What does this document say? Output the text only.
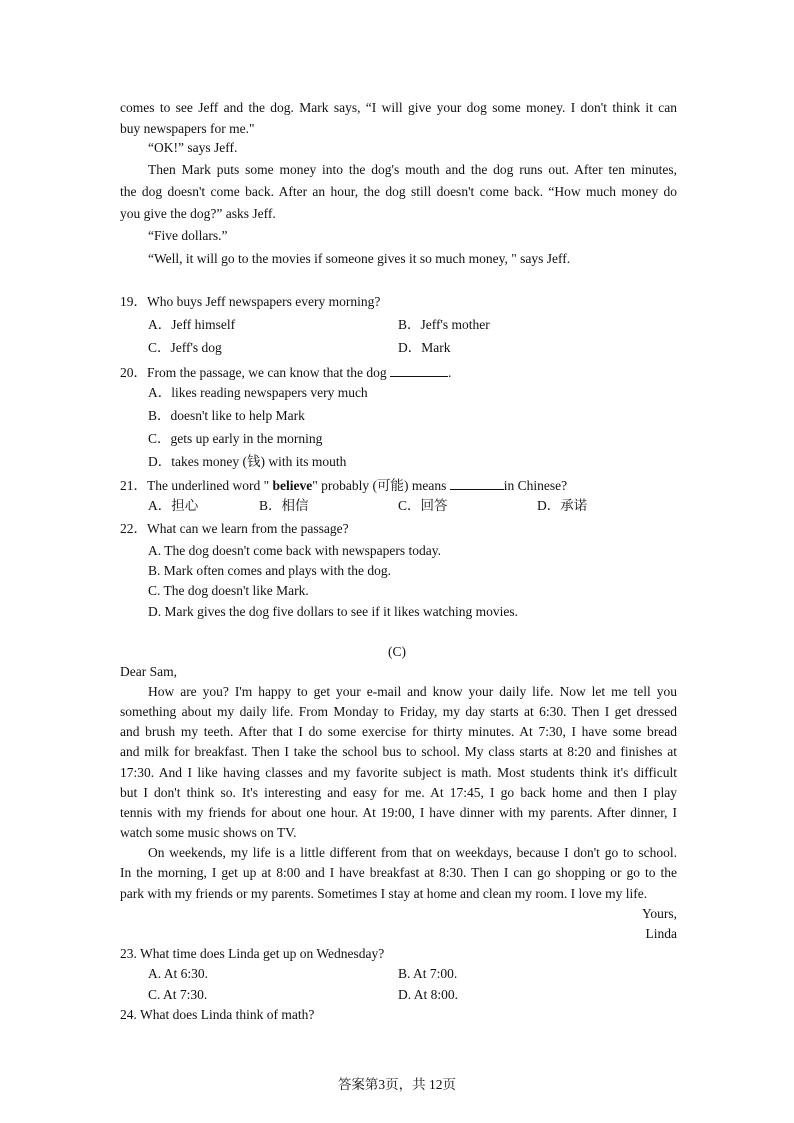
comes to see Jeff and the dog. Mark says, “I will give your dog some money. I don't think it can
buy newspapers for me."
“OK!” says Jeff.
Then Mark puts some money into the dog's mouth and the dog runs out. After ten minutes,
the dog doesn't come back. After an hour, the dog still doesn't come back. “How much money do
you give the dog?” asks Jeff.
“Five dollars.”
“Well, it will go to the movies if someone gives it so much money, " says Jeff.
19．Who buys Jeff newspapers every morning?
A．Jeff himself	B．Jeff's mother
C．Jeff's dog	D．Mark
20．From the passage, we can know that the dog	.
A．likes reading newspapers very much
B．doesn't like to help Mark
C．gets up early in the morning
D．takes money (钱) with its mouth
21．The underlined word " believe" probably (可能) means	in Chinese?
A．担心	B．相信	C．回答	D．承诺
22．What can we learn from the passage?
A. The dog doesn't come back with newspapers today.
B. Mark often comes and plays with the dog.
C. The dog doesn't like Mark.
D. Mark gives the dog five dollars to see if it likes watching movies.
(C)
Dear Sam,
How are you? I'm happy to get your e-mail and know your daily life. Now let me tell you
something about my daily life. From Monday to Friday, my day starts at 6:30. Then I get dressed
and brush my teeth. After that I do some exercise for thirty minutes. At 7:30, I have some bread
and milk for breakfast. Then I take the school bus to school. My class starts at 8:20 and finishes at
17:30. And I like having classes and my favorite subject is math. Most students think it's difficult
but I don't think so. It's interesting and easy for me. At 17:45, I go back home and then I play
tennis with my friends for about one hour. At 19:00, I have dinner with my parents. After dinner, I
watch some music shows on TV.
On weekends, my life is a little different from that on weekdays, because I don't go to school.
In the morning, I get up at 8:00 and I have breakfast at 8:30. Then I can go shopping or go to the
park with my friends or my parents. Sometimes I stay at home and clean my room. I love my life.
Yours,
Linda
23. What time does Linda get up on Wednesday?
A. At 6:30.	B. At 7:00.
C. At 7:30.	D. At 8:00.
24. What does Linda think of math?
答案第3页，共 12页
